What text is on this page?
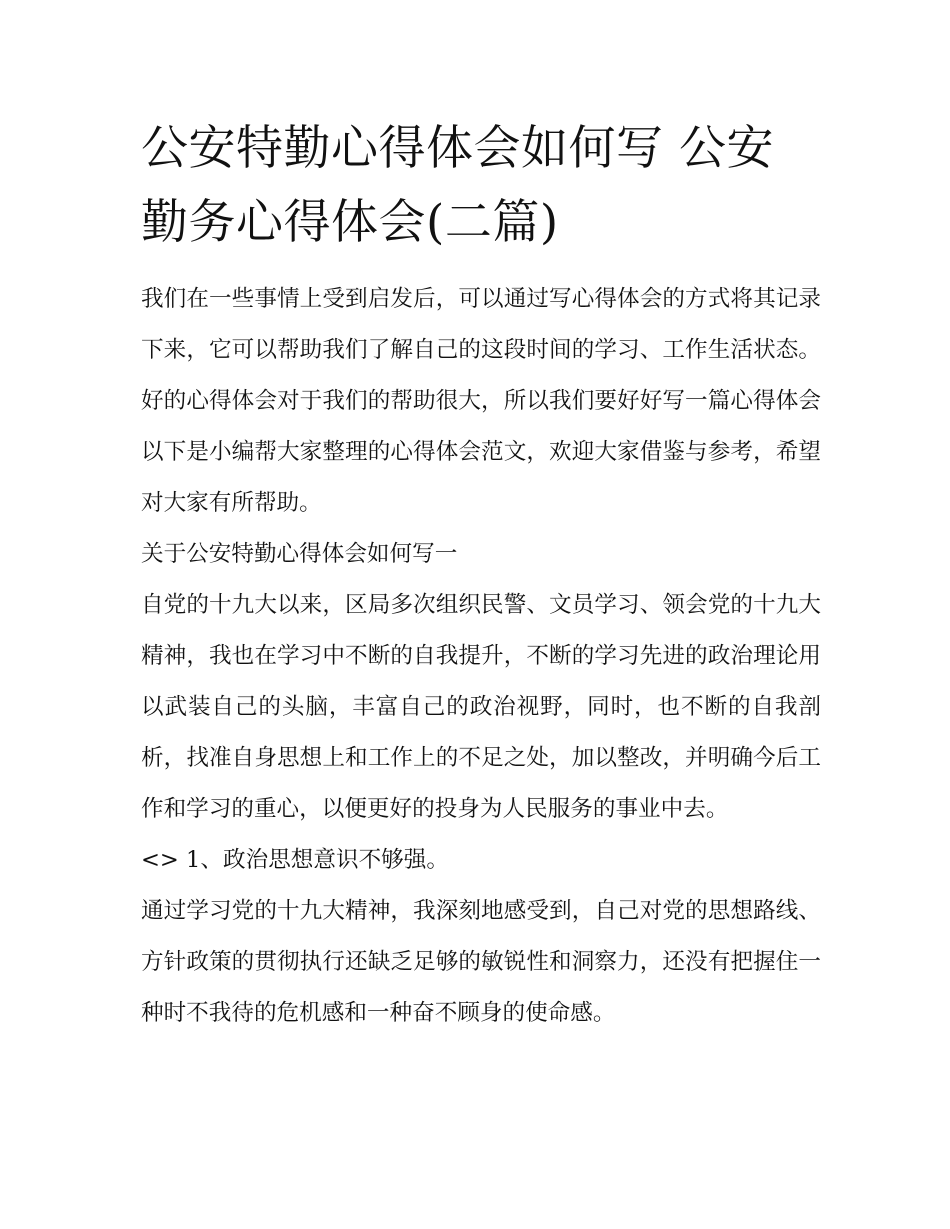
公安特勤心得体会如何写 公安勤务心得体会(二篇)

我们在一些事情上受到启发后，可以通过写心得体会的方式将其记录下来，它可以帮助我们了解自己的这段时间的学习、工作生活状态。好的心得体会对于我们的帮助很大，所以我们要好好写一篇心得体会以下是小编帮大家整理的心得体会范文，欢迎大家借鉴与参考，希望对大家有所帮助。

关于公安特勤心得体会如何写一

自党的十九大以来，区局多次组织民警、文员学习、领会党的十九大精神，我也在学习中不断的自我提升，不断的学习先进的政治理论用以武装自己的头脑，丰富自己的政治视野，同时，也不断的自我剖析，找准自身思想上和工作上的不足之处，加以整改，并明确今后工作和学习的重心，以便更好的投身为人民服务的事业中去。

<> 1、政治思想意识不够强。

通过学习党的十九大精神，我深刻地感受到，自己对党的思想路线、方针政策的贯彻执行还缺乏足够的敏锐性和洞察力，还没有把握住一种时不我待的危机感和一种奋不顾身的使命感。
